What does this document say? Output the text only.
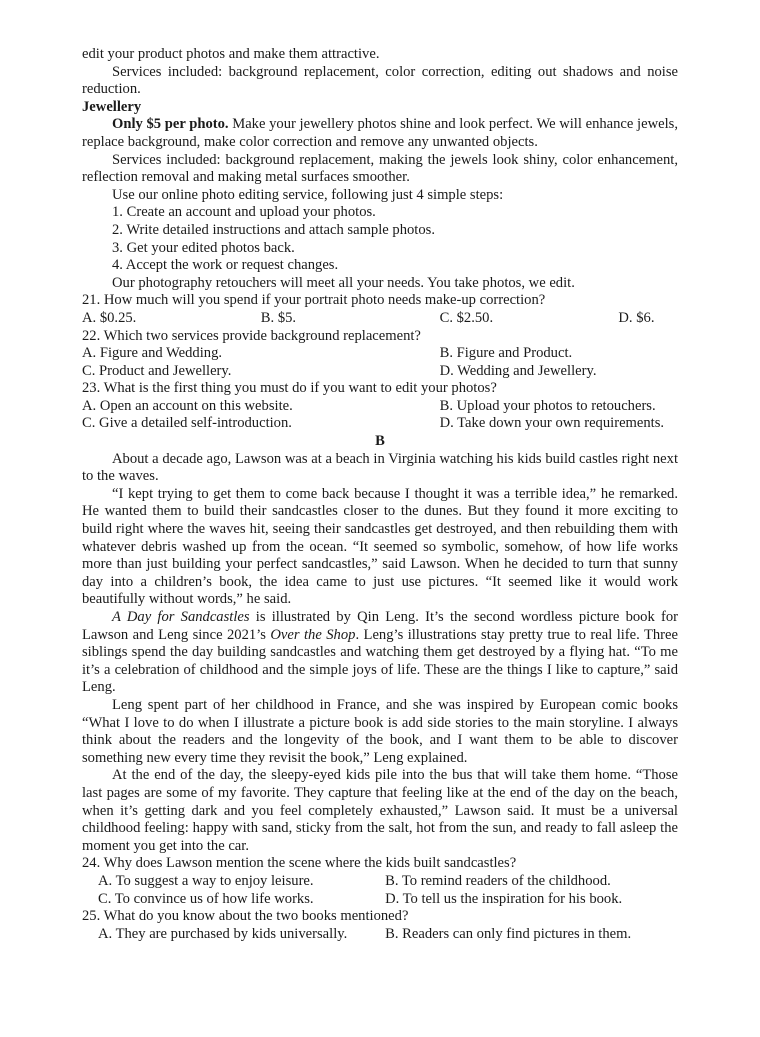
edit your product photos and make them attractive.

Services included: background replacement, color correction, editing out shadows and noise reduction.

Jewellery

Only $5 per photo. Make your jewellery photos shine and look perfect. We will enhance jewels, replace background, make color correction and remove any unwanted objects.

Services included: background replacement, making the jewels look shiny, color enhancement, reflection removal and making metal surfaces smoother.

Use our online photo editing service, following just 4 simple steps:

1. Create an account and upload your photos.

2. Write detailed instructions and attach sample photos.

3. Get your edited photos back.

4. Accept the work or request changes.

Our photography retouchers will meet all your needs. You take photos, we edit.

21. How much will you spend if your portrait photo needs make-up correction?

A. $0.25.	B. $5.	C. $2.50.	D. $6.

22. Which two services provide background replacement?

A. Figure and Wedding.	B. Figure and Product.
C. Product and Jewellery.	D. Wedding and Jewellery.

23. What is the first thing you must do if you want to edit your photos?

A. Open an account on this website.	B. Upload your photos to retouchers.
C. Give a detailed self-introduction.	D. Take down your own requirements.

B

About a decade ago, Lawson was at a beach in Virginia watching his kids build castles right next to the waves.

“I kept trying to get them to come back because I thought it was a terrible idea,” he remarked. He wanted them to build their sandcastles closer to the dunes. But they found it more exciting to build right where the waves hit, seeing their sandcastles get destroyed, and then rebuilding them with whatever debris washed up from the ocean. “It seemed so symbolic, somehow, of how life works more than just building your perfect sandcastles,” said Lawson. When he decided to turn that sunny day into a children’s book, the idea came to just use pictures. “It seemed like it would work beautifully without words,” he said.

A Day for Sandcastles is illustrated by Qin Leng. It’s the second wordless picture book for Lawson and Leng since 2021’s Over the Shop. Leng’s illustrations stay pretty true to real life. Three siblings spend the day building sandcastles and watching them get destroyed by a flying hat. “To me it’s a celebration of childhood and the simple joys of life. These are the things I like to capture,” said Leng.

Leng spent part of her childhood in France, and she was inspired by European comic books “What I love to do when I illustrate a picture book is add side stories to the main storyline. I always think about the readers and the longevity of the book, and I want them to be able to discover something new every time they revisit the book,” Leng explained.

At the end of the day, the sleepy-eyed kids pile into the bus that will take them home. “Those last pages are some of my favorite. They capture that feeling like at the end of the day on the beach, when it’s getting dark and you feel completely exhausted,” Lawson said. It must be a universal childhood feeling: happy with sand, sticky from the salt, hot from the sun, and ready to fall asleep the moment you get into the car.

24. Why does Lawson mention the scene where the kids built sandcastles?

A. To suggest a way to enjoy leisure.	B. To remind readers of the childhood.
C. To convince us of how life works.	D. To tell us the inspiration for his book.

25. What do you know about the two books mentioned?

A. They are purchased by kids universally.	B. Readers can only find pictures in them.
